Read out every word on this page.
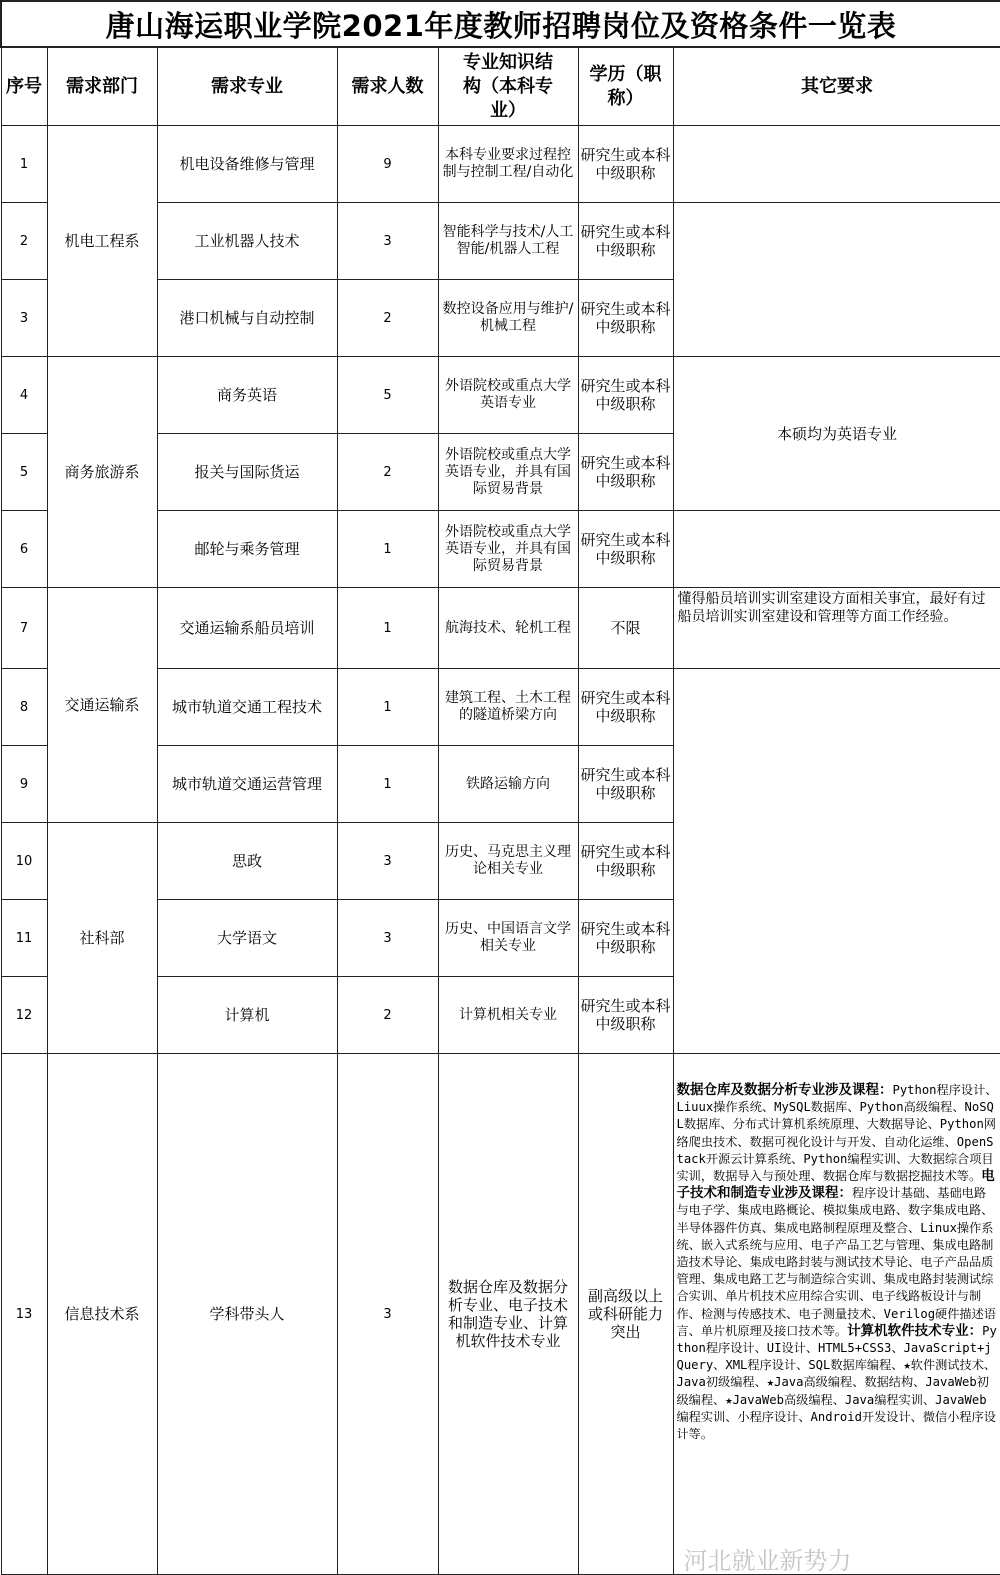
唐山海运职业学院2021年度教师招聘岗位及资格条件一览表						
序号	需求部门	需求专业	需求人数	专业知识结构（本科专业）	学历（职称）	其它要求
1	机电工程系	机电设备维修与管理	9	本科专业要求过程控制与控制工程/自动化	研究生或本科中级职称	
2		工业机器人技术	3	智能科学与技术/人工智能/机器人工程	研究生或本科中级职称	
3		港口机械与自动控制	2	数控设备应用与维护/机械工程	研究生或本科中级职称	
4	商务旅游系	商务英语	5	外语院校或重点大学英语专业	研究生或本科中级职称	本硕均为英语专业
5		报关与国际货运	2	外语院校或重点大学英语专业，并具有国际贸易背景	研究生或本科中级职称	
6		邮轮与乘务管理	1	外语院校或重点大学英语专业，并具有国际贸易背景	研究生或本科中级职称	
7	交通运输系	交通运输系船员培训	1	航海技术、轮机工程	不限	懂得船员培训实训室建设方面相关事宜，最好有过船员培训实训室建设和管理等方面工作经验。
8		城市轨道交通工程技术	1	建筑工程、土木工程的隧道桥梁方向	研究生或本科中级职称	
9		城市轨道交通运营管理	1	铁路运输方向	研究生或本科中级职称	
10	社科部	思政	3	历史、马克思主义理论相关专业	研究生或本科中级职称	
11		大学语文	3	历史、中国语言文学相关专业	研究生或本科中级职称	
12		计算机	2	计算机相关专业	研究生或本科中级职称	
13	信息技术系	学科带头人	3	数据仓库及数据分析专业、电子技术和制造专业、计算机软件技术专业	副高级以上或科研能力突出	数据仓库及数据分析专业涉及课程：Python程序设计、Liuux操作系统、MySQL数据库、Python高级编程、NoSQL数据库、分布式计算机系统原理、大数据导论、Python网络爬虫技术、数据可视化设计与开发、自动化运维、OpenStack开源云计算系统、Python编程实训、大数据综合项目实训，数据导入与预处理、数据仓库与数据挖掘技术等。电子技术和制造专业涉及课程：程序设计基础、基础电路与电子学、集成电路概论、模拟集成电路、数字集成电路、半导体器件仿真、集成电路制程原理及整合、Linux操作系统、嵌入式系统与应用、电子产品工艺与管理、集成电路制造技术导论、集成电路封装与测试技术导论、电子产品品质管理、集成电路工艺与制造综合实训、集成电路封装测试综合实训、单片机技术应用综合实训、电子线路板设计与制作、检测与传感技术、电子测量技术、Verilog硬件描述语言、单片机原理及接口技术等。计算机软件技术专业：Python程序设计、UI设计、HTML5+CSS3、JavaScript+jQuery、XML程序设计、SQL数据库编程、★软件测试技术、Java初级编程、★Java高级编程、数据结构、JavaWeb初级编程、★JavaWeb高级编程、Java编程实训、JavaWeb编程实训、小程序设计、Android开发设计、微信小程序设计等。
河北就业新势力
